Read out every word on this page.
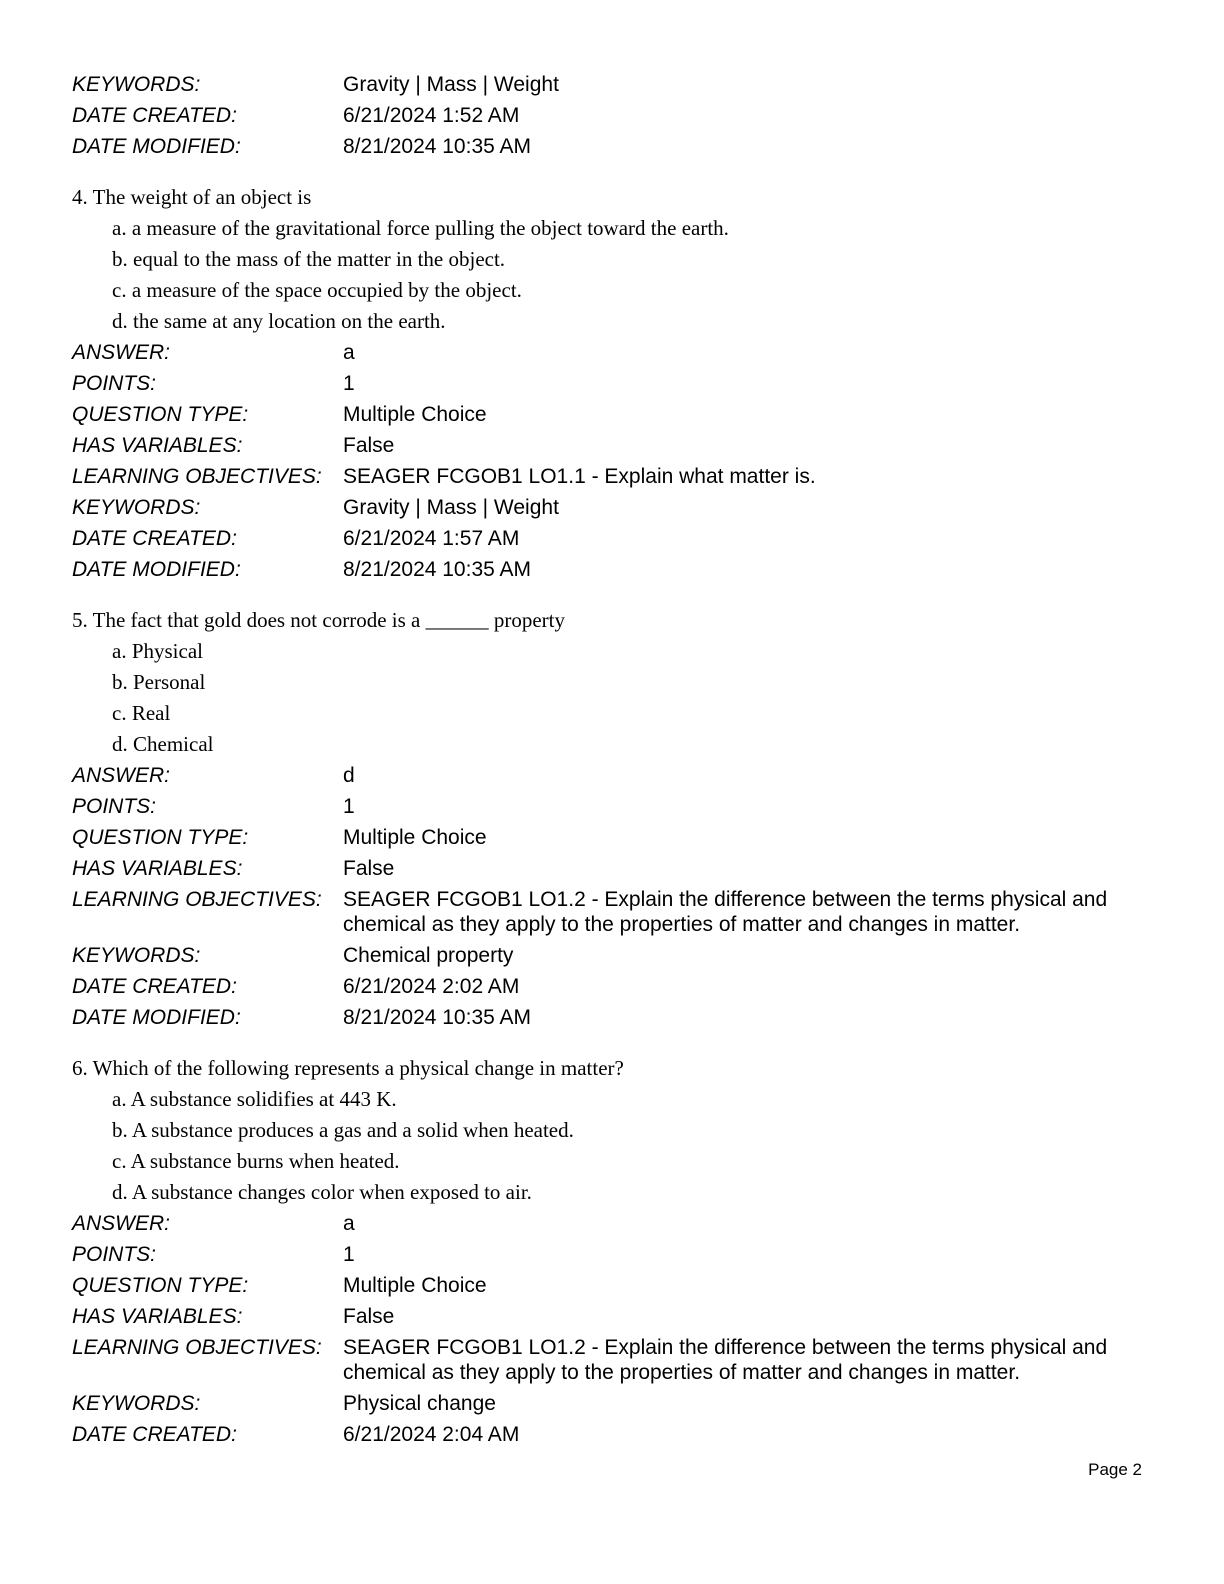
KEYWORDS:	Gravity | Mass | Weight
DATE CREATED:	6/21/2024 1:52 AM
DATE MODIFIED:	8/21/2024 10:35 AM
4. The weight of an object is
a. a measure of the gravitational force pulling the object toward the earth.
b. equal to the mass of the matter in the object.
c. a measure of the space occupied by the object.
d. the same at any location on the earth.
ANSWER:	a
POINTS:	1
QUESTION TYPE:	Multiple Choice
HAS VARIABLES:	False
LEARNING OBJECTIVES:	SEAGER FCGOB1 LO1.1 - Explain what matter is.
KEYWORDS:	Gravity | Mass | Weight
DATE CREATED:	6/21/2024 1:57 AM
DATE MODIFIED:	8/21/2024 10:35 AM
5. The fact that gold does not corrode is a ______ property
a. Physical
b. Personal
c. Real
d. Chemical
ANSWER:	d
POINTS:	1
QUESTION TYPE:	Multiple Choice
HAS VARIABLES:	False
LEARNING OBJECTIVES:	SEAGER FCGOB1 LO1.2 - Explain the difference between the terms physical and chemical as they apply to the properties of matter and changes in matter.
KEYWORDS:	Chemical property
DATE CREATED:	6/21/2024 2:02 AM
DATE MODIFIED:	8/21/2024 10:35 AM
6. Which of the following represents a physical change in matter?
a. A substance solidifies at 443 K.
b. A substance produces a gas and a solid when heated.
c. A substance burns when heated.
d. A substance changes color when exposed to air.
ANSWER:	a
POINTS:	1
QUESTION TYPE:	Multiple Choice
HAS VARIABLES:	False
LEARNING OBJECTIVES:	SEAGER FCGOB1 LO1.2 - Explain the difference between the terms physical and chemical as they apply to the properties of matter and changes in matter.
KEYWORDS:	Physical change
DATE CREATED:	6/21/2024 2:04 AM
Page 2
